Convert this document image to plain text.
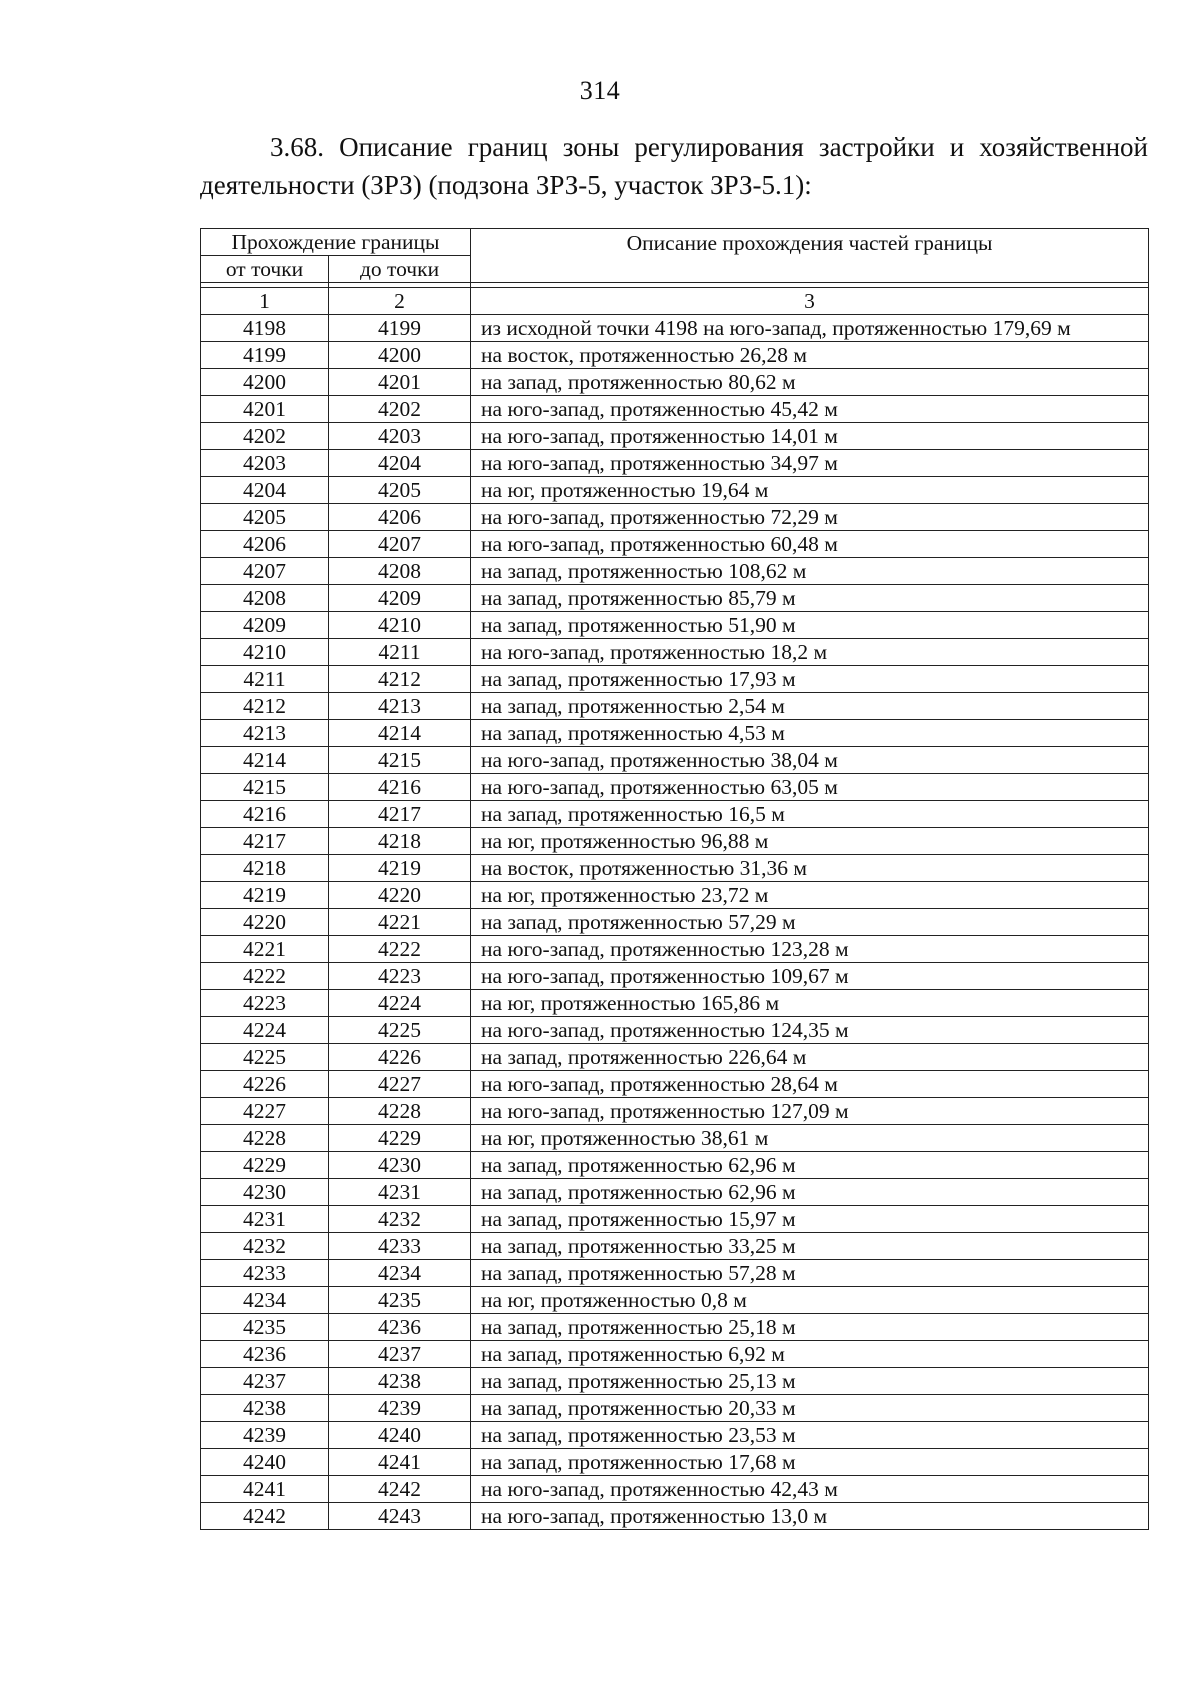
314
3.68. Описание границ зоны регулирования застройки и хозяйственной деятельности (ЗРЗ) (подзона ЗРЗ-5, участок ЗРЗ-5.1):
Прохождение границы		Описание прохождения частей границы
от точки	до точки	

1	2	3
4198	4199	из исходной точки 4198 на юго-запад, протяженностью 179,69 м
4199	4200	на восток, протяженностью 26,28 м
4200	4201	на запад, протяженностью 80,62 м
4201	4202	на юго-запад, протяженностью 45,42 м
4202	4203	на юго-запад, протяженностью 14,01 м
4203	4204	на юго-запад, протяженностью 34,97 м
4204	4205	на юг, протяженностью 19,64 м
4205	4206	на юго-запад, протяженностью 72,29 м
4206	4207	на юго-запад, протяженностью 60,48 м
4207	4208	на запад, протяженностью 108,62 м
4208	4209	на запад, протяженностью 85,79 м
4209	4210	на запад, протяженностью 51,90 м
4210	4211	на юго-запад, протяженностью 18,2 м
4211	4212	на запад, протяженностью 17,93 м
4212	4213	на запад, протяженностью 2,54 м
4213	4214	на запад, протяженностью 4,53 м
4214	4215	на юго-запад, протяженностью 38,04 м
4215	4216	на юго-запад, протяженностью 63,05 м
4216	4217	на запад, протяженностью 16,5 м
4217	4218	на юг, протяженностью 96,88 м
4218	4219	на восток, протяженностью 31,36 м
4219	4220	на юг, протяженностью 23,72 м
4220	4221	на запад, протяженностью 57,29 м
4221	4222	на юго-запад, протяженностью 123,28 м
4222	4223	на юго-запад, протяженностью 109,67 м
4223	4224	на юг, протяженностью 165,86 м
4224	4225	на юго-запад, протяженностью 124,35 м
4225	4226	на запад, протяженностью 226,64 м
4226	4227	на юго-запад, протяженностью 28,64 м
4227	4228	на юго-запад, протяженностью 127,09 м
4228	4229	на юг, протяженностью 38,61 м
4229	4230	на запад, протяженностью 62,96 м
4230	4231	на запад, протяженностью 62,96 м
4231	4232	на запад, протяженностью 15,97 м
4232	4233	на запад, протяженностью 33,25 м
4233	4234	на запад, протяженностью 57,28 м
4234	4235	на юг, протяженностью 0,8 м
4235	4236	на запад, протяженностью 25,18 м
4236	4237	на запад, протяженностью 6,92 м
4237	4238	на запад, протяженностью 25,13 м
4238	4239	на запад, протяженностью 20,33 м
4239	4240	на запад, протяженностью 23,53 м
4240	4241	на запад, протяженностью 17,68 м
4241	4242	на юго-запад, протяженностью 42,43 м
4242	4243	на юго-запад, протяженностью 13,0 м
